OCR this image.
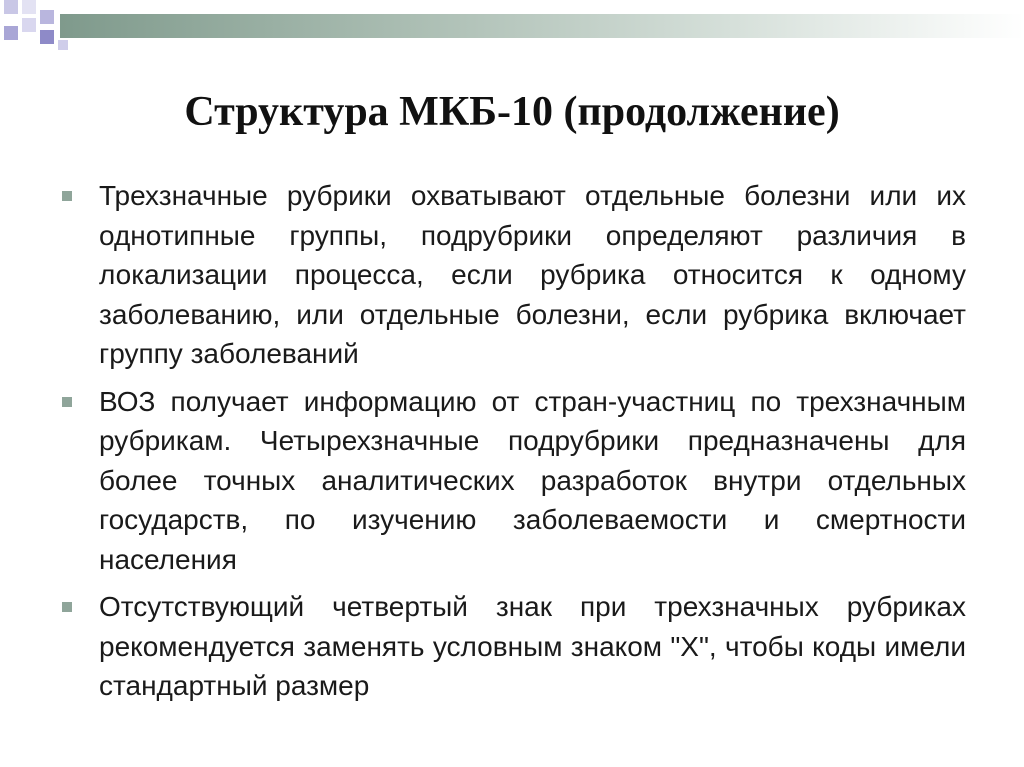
Структура МКБ-10 (продолжение)
Трехзначные рубрики охватывают отдельные болезни или их однотипные группы, подрубрики определяют различия в локализации процесса, если рубрика относится к одному заболеванию, или отдельные болезни, если рубрика включает группу заболеваний
ВОЗ получает информацию от стран-участниц по трехзначным рубрикам. Четырехзначные подрубрики предназначены для более точных аналитических разработок внутри отдельных государств, по изучению заболеваемости и смертности населения
Отсутствующий четвертый знак при трехзначных рубриках рекомендуется заменять условным знаком "X", чтобы коды имели стандартный размер
